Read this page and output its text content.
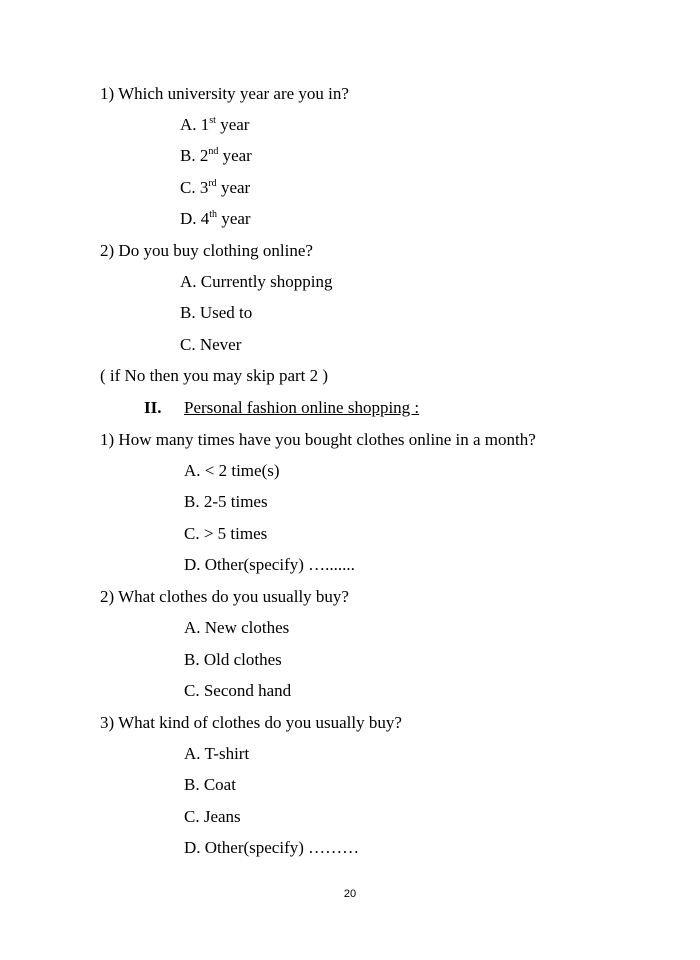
1) Which university year are you in?
A. 1st year
B. 2nd year
C. 3rd year
D. 4th year
2) Do you buy clothing online?
A. Currently shopping
B. Used to
C. Never
( if No then you may skip part 2 )
II. Personal fashion online shopping :
1) How many times have you bought clothes online in a month?
A. < 2 time(s)
B. 2-5 times
C. > 5 times
D. Other(specify) ….......
2) What clothes do you usually buy?
A. New clothes
B. Old clothes
C. Second hand
3) What kind of clothes do you usually buy?
A. T-shirt
B. Coat
C. Jeans
D. Other(specify) ………
20
